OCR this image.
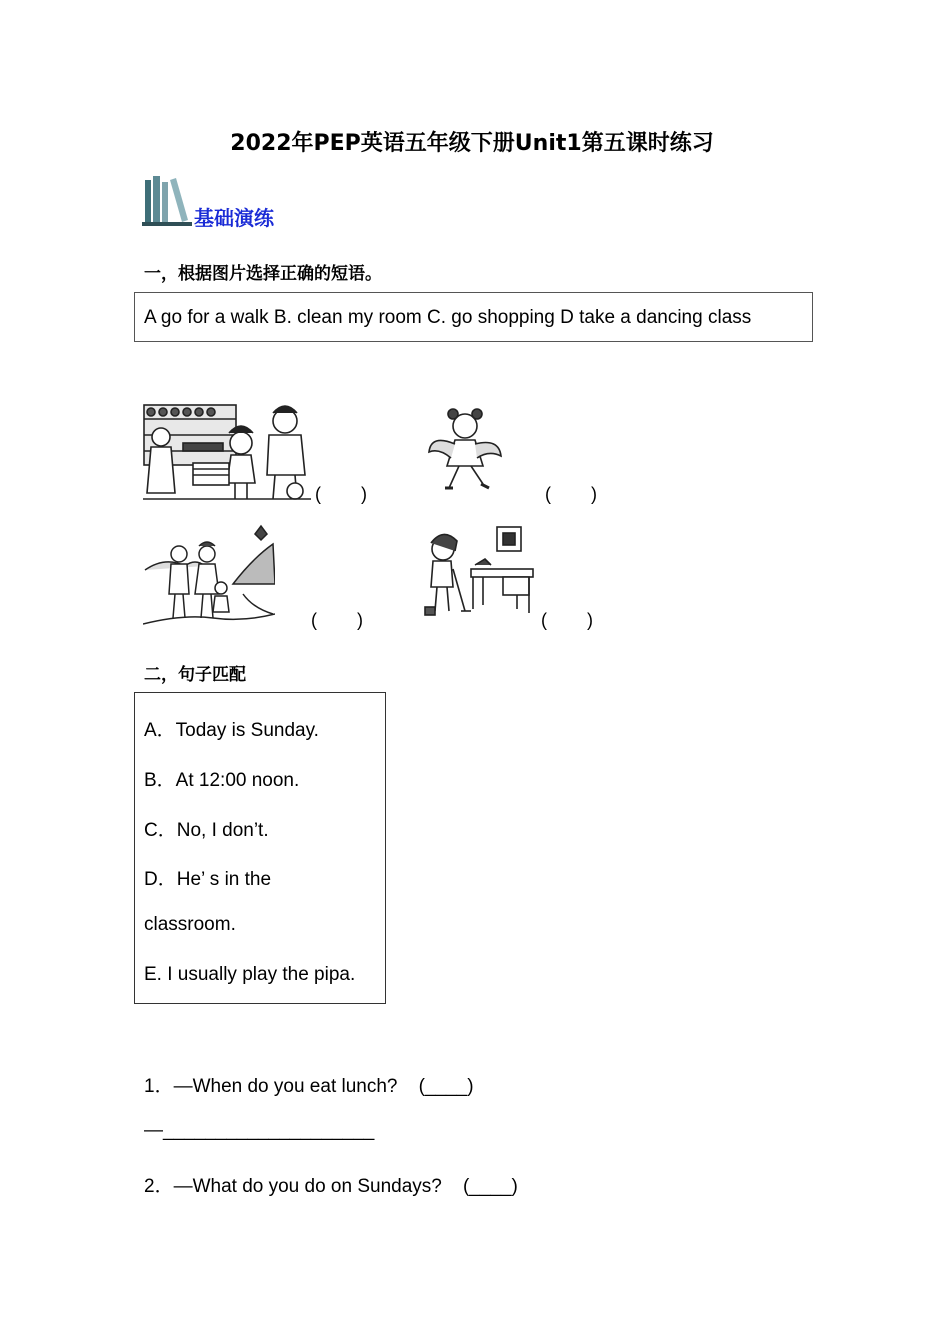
2022年PEP英语五年级下册Unit1第五课时练习
基础演练
一，根据图片选择正确的短语。
A go for a walk B. clean my room C. go shopping D take a dancing class
(        )	(        )
(        )	(        )
二，句子匹配
A．Today is Sunday.
B．At 12:00 noon.
C．No, I don’t.
D．He’ s in the
classroom.
E. I usually play the pipa.
1．—When do you eat lunch?    (____)
—____________________
2．—What do you do on Sundays?    (____)
